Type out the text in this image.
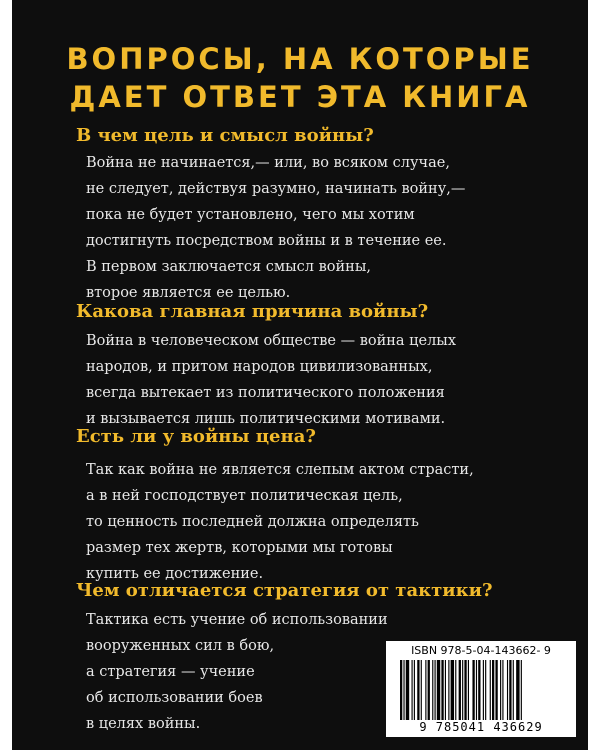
ВОПРОСЫ, НА КОТОРЫЕ
ДАЕТ ОТВЕТ ЭТА КНИГА
В чем цель и смысл войны?
Война не начинается,— или, во всяком случае,
не следует, действуя разумно, начинать войну,—
пока не будет установлено, чего мы хотим
достигнуть посредством войны и в течение ее.
В первом заключается смысл войны,
второе является ее целью.
Какова главная причина войны?
Война в человеческом обществе — война целых
народов, и притом народов цивилизованных,
всегда вытекает из политического положения
и вызывается лишь политическими мотивами.
Есть ли у войны цена?
Так как война не является слепым актом страсти,
а в ней господствует политическая цель,
то ценность последней должна определять
размер тех жертв, которыми мы готовы
купить ее достижение.
Чем отличается стратегия от тактики?
Тактика есть учение об использовании
вооруженных сил в бою,
а стратегия — учение
об использовании боев
в целях войны.
ISBN 978-5-04-143662- 9
9 785041 436629
